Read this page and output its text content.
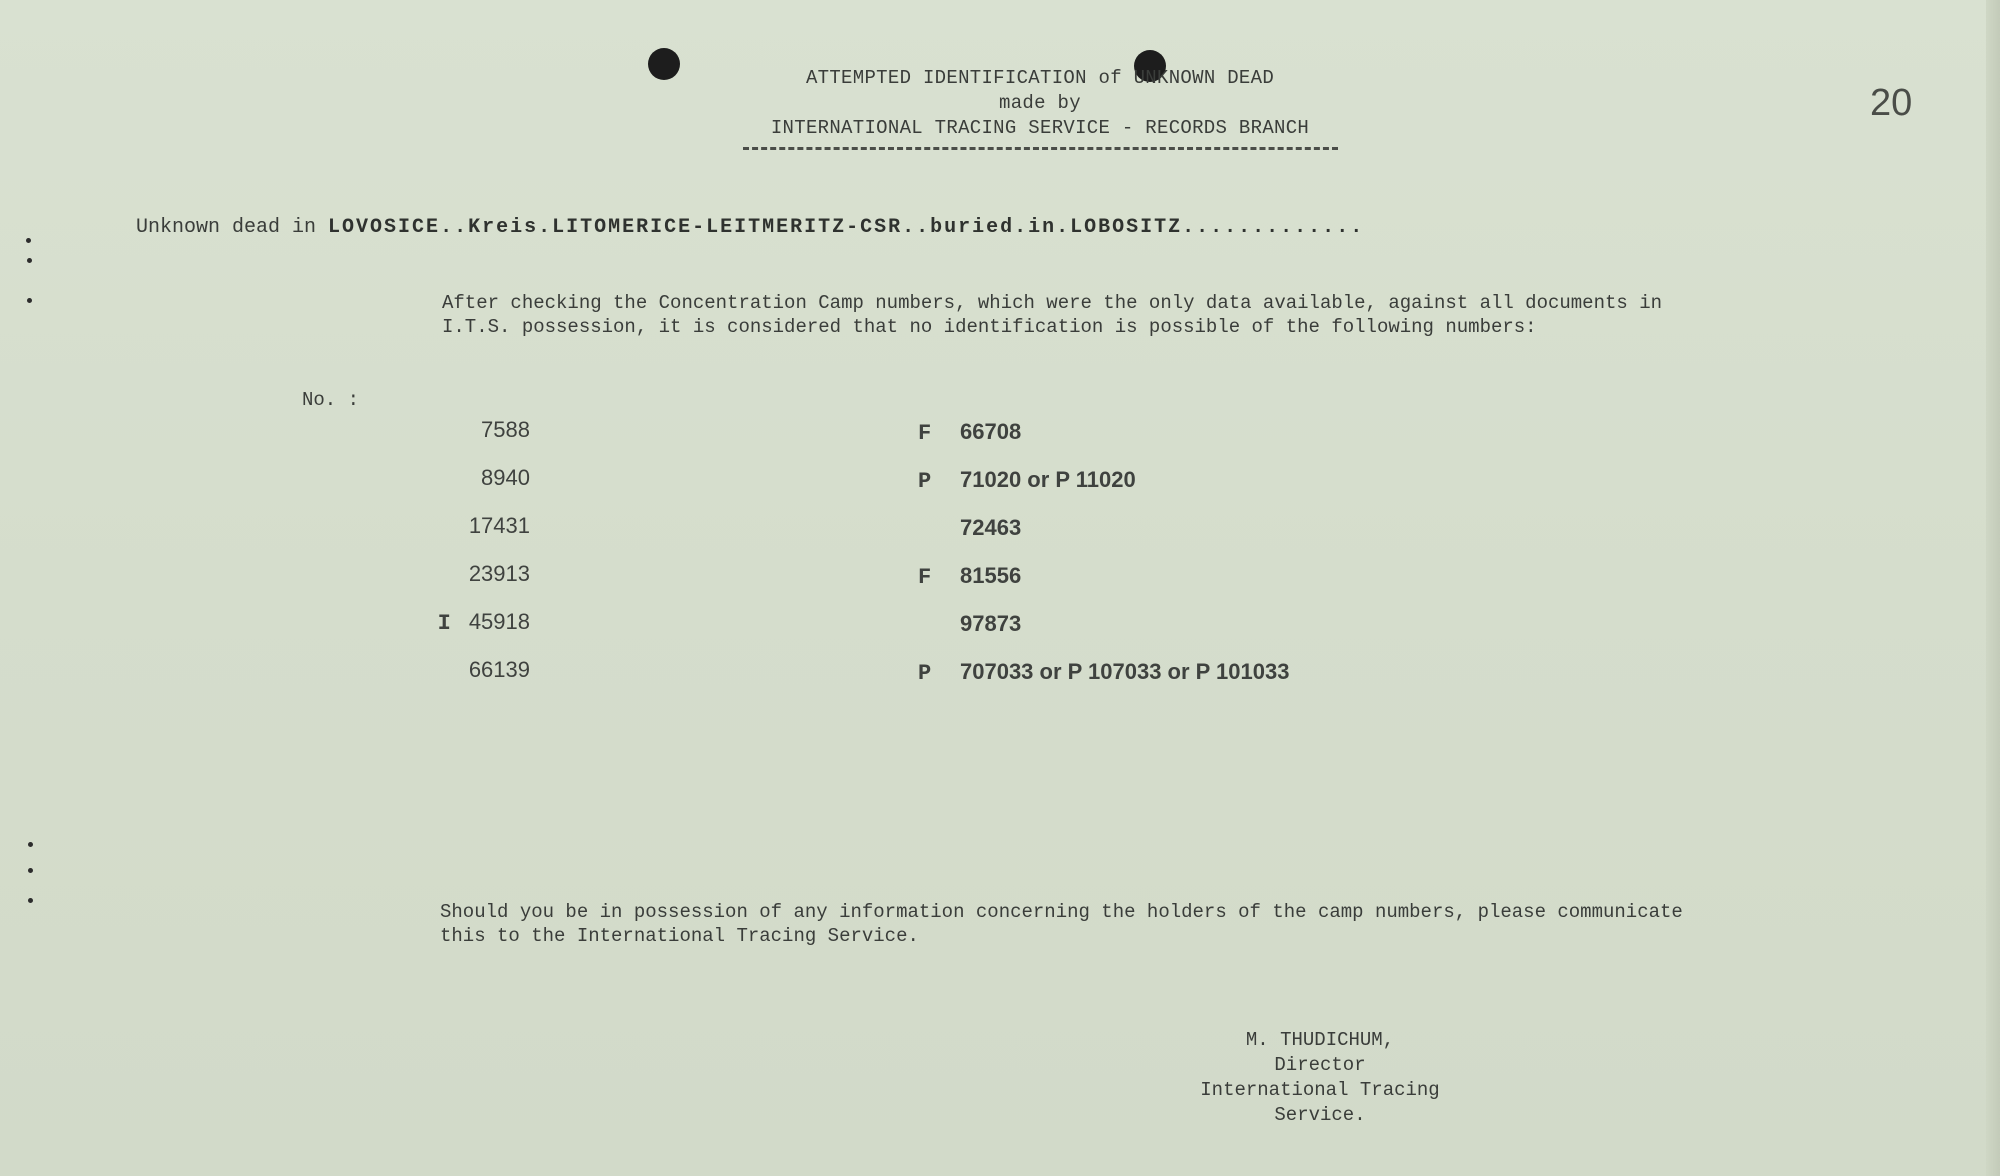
ATTEMPTED IDENTIFICATION of UNKNOWN DEAD
made by
INTERNATIONAL TRACING SERVICE - RECORDS BRANCH
20
Unknown dead in LOVOSICE..Kreis.LITOMERICE-LEITMERITZ-CSR..buried.in.LOBOSITZ.............
After checking the Concentration Camp numbers, which were the only data available, against all documents in I.T.S. possession, it is considered that no identification is possible of the following numbers:
No. :
7588
8940
17431
23913
I 45918
66139
F 66708
P 71020 or P 11020
72463
F 81556
97873
P 707033 or P 107033 or P 101033
Should you be in possession of any information concerning the holders of the camp numbers, please communicate this to the International Tracing Service.
M. THUDICHUM,
Director
International Tracing Service.
